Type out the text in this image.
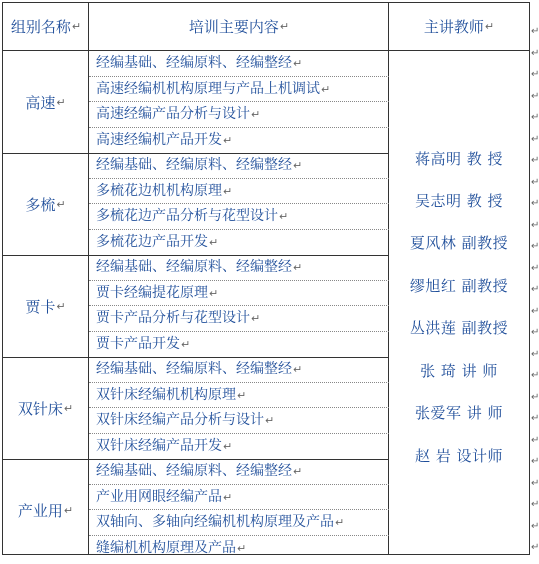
组别名称 ↵	培训主要内容 ↵	主讲教师 ↵
高速 ↵
经编基础、经编原料、经编整经↵
高速经编机机构原理与产品上机调试↵
高速经编产品分析与设计↵
高速经编机产品开发↵
多梳 ↵
经编基础、经编原料、经编整经↵
多梳花边机机构原理↵
多梳花边产品分析与花型设计↵
多梳花边产品开发↵
贾卡 ↵
经编基础、经编原料、经编整经↵
贾卡经编提花原理↵
贾卡产品分析与花型设计↵
贾卡产品开发↵
双针床 ↵
经编基础、经编原料、经编整经↵
双针床经编机机构原理↵
双针床经编产品分析与设计↵
双针床经编产品开发↵
产业用 ↵
经编基础、经编原料、经编整经↵
产业用网眼经编产品↵
双轴向、多轴向经编机机构原理及产品↵
缝编机机构原理及产品↵
蒋高明 教 授
吴志明 教 授
夏风林 副教授
缪旭红 副教授
丛洪莲 副教授
张 琦 讲 师
张爱军 讲 师
赵 岩 设计师
↵
↵
↵
↵
↵
↵
↵
↵
↵
↵
↵
↵
↵
↵
↵
↵
↵
↵
↵
↵
↵
↵
↵
↵
↵
